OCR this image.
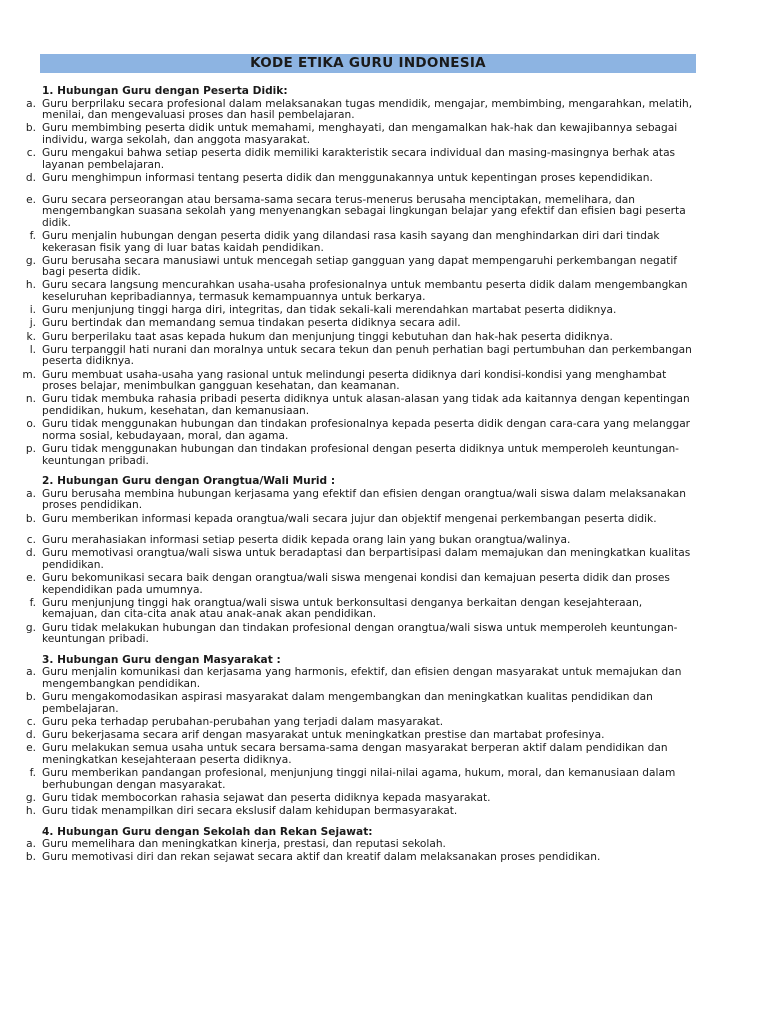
KODE ETIKA GURU INDONESIA
1. Hubungan Guru dengan Peserta Didik:
a. Guru berprilaku secara profesional dalam melaksanakan tugas mendidik, mengajar, membimbing, mengarahkan, melatih, menilai, dan mengevaluasi proses dan hasil pembelajaran.
b. Guru membimbing peserta didik untuk memahami, menghayati, dan mengamalkan hak-hak dan kewajibannya sebagai individu, warga sekolah, dan anggota masyarakat.
c. Guru mengakui bahwa setiap peserta didik memiliki karakteristik secara individual dan masing-masingnya berhak atas layanan pembelajaran.
d. Guru menghimpun informasi tentang peserta didik dan menggunakannya untuk kepentingan proses kependidikan.
e. Guru secara perseorangan atau bersama-sama secara terus-menerus berusaha menciptakan, memelihara, dan mengembangkan suasana sekolah yang menyenangkan sebagai lingkungan belajar yang efektif dan efisien bagi peserta didik.
f. Guru menjalin hubungan dengan peserta didik yang dilandasi rasa kasih sayang dan menghindarkan diri dari tindak kekerasan fisik yang di luar batas kaidah pendidikan.
g. Guru berusaha secara manusiawi untuk mencegah setiap gangguan yang dapat mempengaruhi perkembangan negatif bagi peserta didik.
h. Guru secara langsung mencurahkan usaha-usaha profesionalnya untuk membantu peserta didik dalam mengembangkan keseluruhan kepribadiannya, termasuk kemampuannya untuk berkarya.
i. Guru menjunjung tinggi harga diri, integritas, dan tidak sekali-kali merendahkan martabat peserta didiknya.
j. Guru bertindak dan memandang semua tindakan peserta didiknya secara adil.
k. Guru berperilaku taat asas kepada hukum dan menjunjung tinggi kebutuhan dan hak-hak peserta didiknya.
l. Guru terpanggil hati nurani dan moralnya untuk secara tekun dan penuh perhatian bagi pertumbuhan dan perkembangan peserta didiknya.
m. Guru membuat usaha-usaha yang rasional untuk melindungi peserta didiknya dari kondisi-kondisi yang menghambat proses belajar, menimbulkan gangguan kesehatan, dan keamanan.
n. Guru tidak membuka rahasia pribadi peserta didiknya untuk alasan-alasan yang tidak ada kaitannya dengan kepentingan pendidikan, hukum, kesehatan, dan kemanusiaan.
o. Guru tidak menggunakan hubungan dan tindakan profesionalnya kepada peserta didik dengan cara-cara yang melanggar norma sosial, kebudayaan, moral, dan agama.
p. Guru tidak menggunakan hubungan dan tindakan profesional dengan peserta didiknya untuk memperoleh keuntungan-keuntungan pribadi.
2. Hubungan Guru dengan Orangtua/Wali Murid :
a. Guru berusaha membina hubungan kerjasama yang efektif dan efisien dengan orangtua/wali siswa dalam melaksanakan proses pendidikan.
b. Guru memberikan informasi kepada orangtua/wali secara jujur dan objektif mengenai perkembangan peserta didik.
c. Guru merahasiakan informasi setiap peserta didik kepada orang lain yang bukan orangtua/walinya.
d. Guru memotivasi orangtua/wali siswa untuk beradaptasi dan berpartisipasi dalam memajukan dan meningkatkan kualitas pendidikan.
e. Guru bekomunikasi secara baik dengan orangtua/wali siswa mengenai kondisi dan kemajuan peserta didik dan proses kependidikan pada umumnya.
f. Guru menjunjung tinggi hak orangtua/wali siswa untuk berkonsultasi denganya berkaitan dengan kesejahteraan, kemajuan, dan cita-cita anak atau anak-anak akan pendidikan.
g. Guru tidak melakukan hubungan dan tindakan profesional dengan orangtua/wali siswa untuk memperoleh keuntungan-keuntungan pribadi.
3. Hubungan Guru dengan Masyarakat :
a. Guru menjalin komunikasi dan kerjasama yang harmonis, efektif, dan efisien dengan masyarakat untuk memajukan dan mengembangkan pendidikan.
b. Guru mengakomodasikan aspirasi masyarakat dalam mengembangkan dan meningkatkan kualitas pendidikan dan pembelajaran.
c. Guru peka terhadap perubahan-perubahan yang terjadi dalam masyarakat.
d. Guru bekerjasama secara arif dengan masyarakat untuk meningkatkan prestise dan martabat profesinya.
e. Guru melakukan semua usaha untuk secara bersama-sama dengan masyarakat berperan aktif dalam pendidikan dan meningkatkan kesejahteraan peserta didiknya.
f. Guru memberikan pandangan profesional, menjunjung tinggi nilai-nilai agama, hukum, moral, dan kemanusiaan dalam berhubungan dengan masyarakat.
g. Guru tidak membocorkan rahasia sejawat dan peserta didiknya kepada masyarakat.
h. Guru tidak menampilkan diri secara ekslusif dalam kehidupan bermasyarakat.
4. Hubungan Guru dengan Sekolah dan Rekan Sejawat:
a. Guru memelihara dan meningkatkan kinerja, prestasi, dan reputasi sekolah.
b. Guru memotivasi diri dan rekan sejawat secara aktif dan kreatif dalam melaksanakan proses pendidikan.
